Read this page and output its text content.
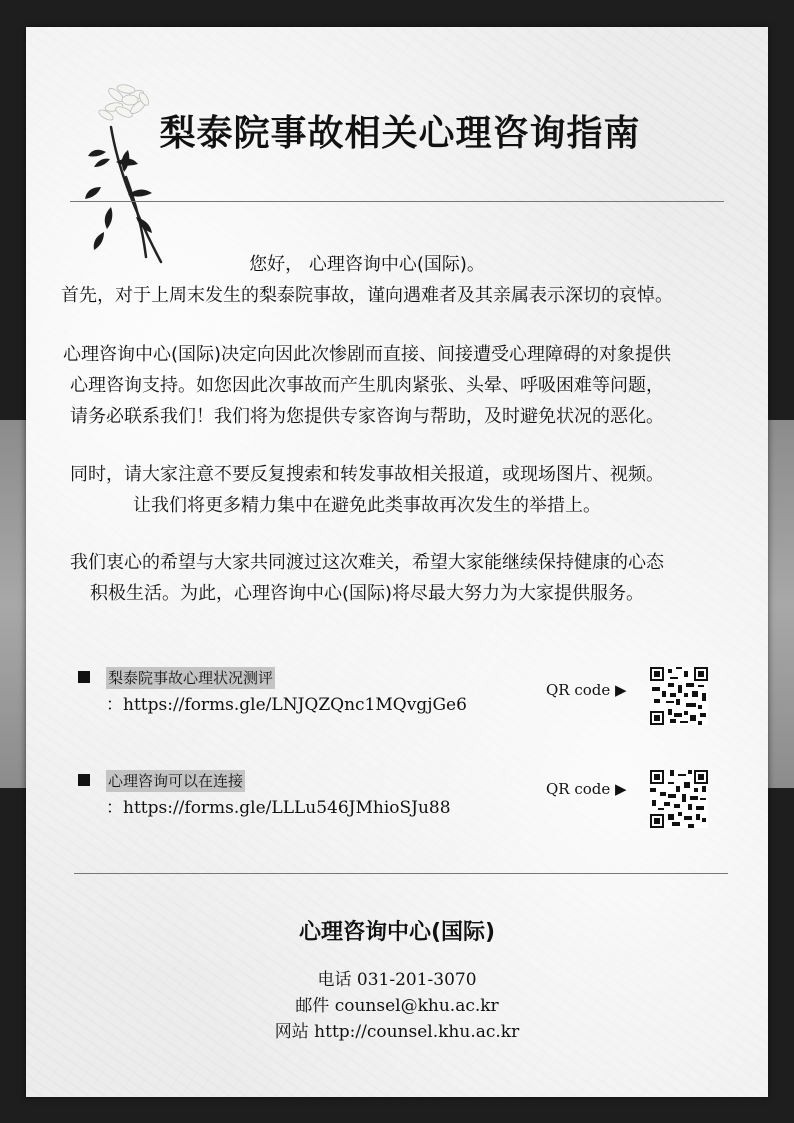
梨泰院事故相关心理咨询指南

您好， 心理咨询中心(国际)。

首先，对于上周末发生的梨泰院事故，谨向遇难者及其亲属表示深切的哀悼。

心理咨询中心(国际)决定向因此次惨剧而直接、间接遭受心理障碍的对象提供

心理咨询支持。如您因此次事故而产生肌肉紧张、头晕、呼吸困难等问题，

请务必联系我们！我们将为您提供专家咨询与帮助，及时避免状况的恶化。

同时，请大家注意不要反复搜索和转发事故相关报道，或现场图片、视频。

让我们将更多精力集中在避免此类事故再次发生的举措上。

我们衷心的希望与大家共同渡过这次难关，希望大家能继续保持健康的心态

积极生活。为此，心理咨询中心(国际)将尽最大努力为大家提供服务。

梨泰院事故心理状况测评
：https://forms.gle/LNJQZQnc1MQvgjGe6
QR code ▶
心理咨询可以在连接
：https://forms.gle/LLLu546JMhioSJu88
QR code ▶
心理咨询中心(国际)
电话 031-201-3070
邮件 counsel@khu.ac.kr
网站 http://counsel.khu.ac.kr
